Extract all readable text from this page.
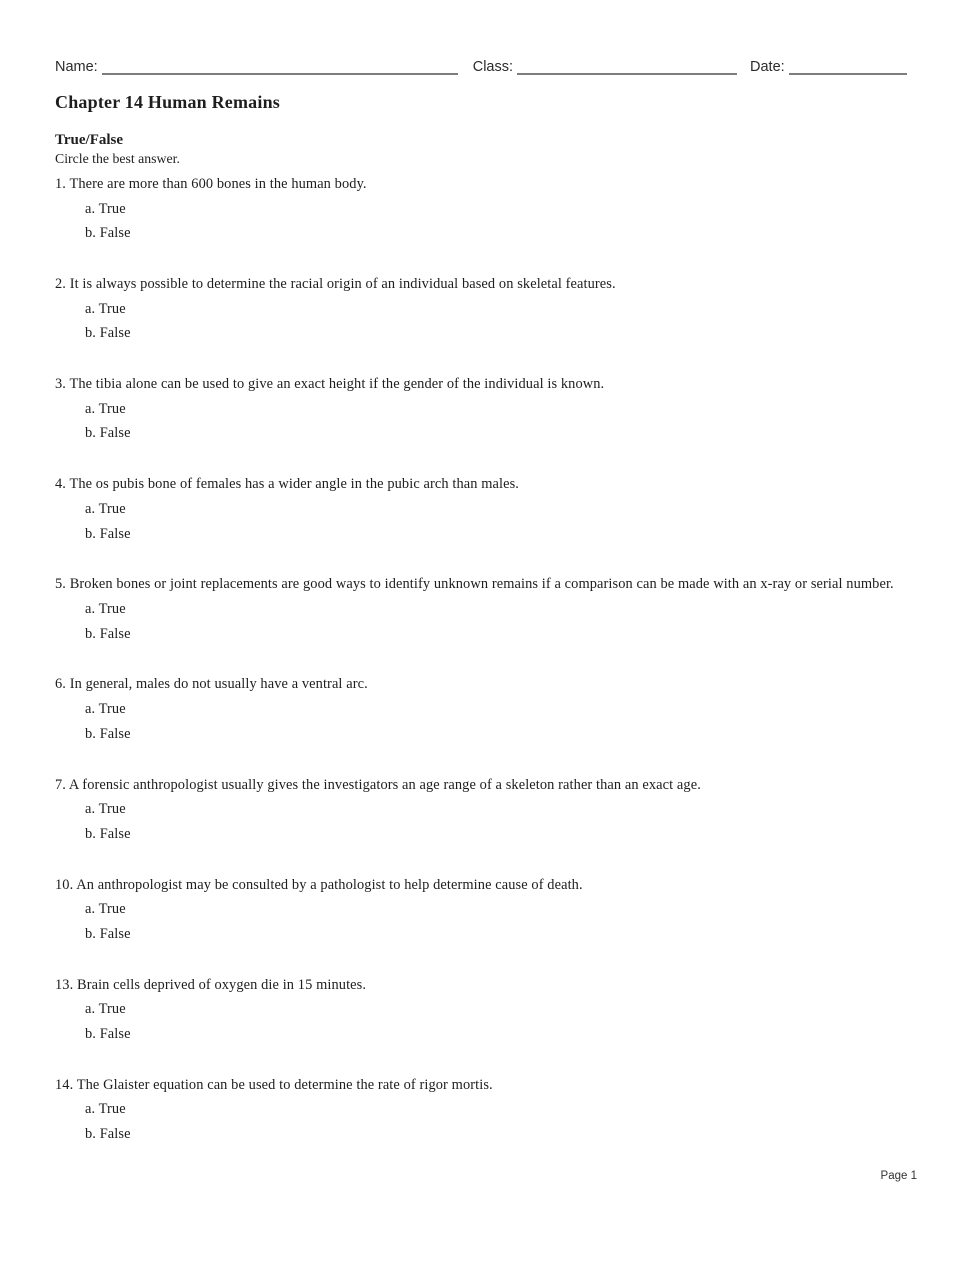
Name:	Class:	Date:
Chapter 14 Human Remains
True/False

Circle the best answer.

1. There are more than 600 bones in the human body.
a. True
b. False
2. It is always possible to determine the racial origin of an individual based on skeletal features.
a. True
b. False
3. The tibia alone can be used to give an exact height if the gender of the individual is known.
a. True
b. False
4. The os pubis bone of females has a wider angle in the pubic arch than males.
a. True
b. False
5. Broken bones or joint replacements are good ways to identify unknown remains if a comparison can be made with an x-ray or serial number.
a. True
b. False
6. In general, males do not usually have a ventral arc.
a. True
b. False
7. A forensic anthropologist usually gives the investigators an age range of a skeleton rather than an exact age.
a. True
b. False
10. An anthropologist may be consulted by a pathologist to help determine cause of death.
a. True
b. False
13. Brain cells deprived of oxygen die in 15 minutes.
a. True
b. False
14. The Glaister equation can be used to determine the rate of rigor mortis.
a. True
b. False
Page 1
